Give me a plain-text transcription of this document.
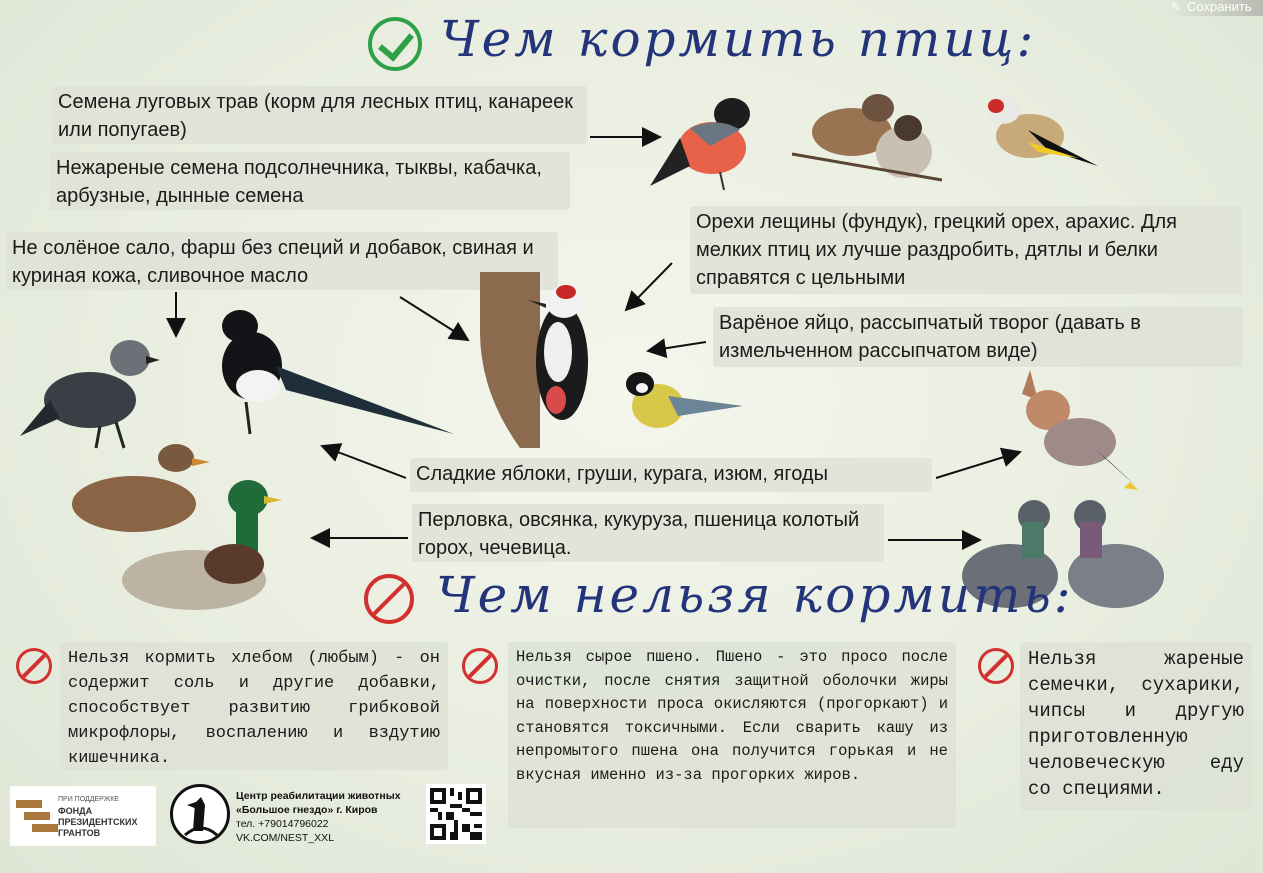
✎ Сохранить
Чем кормить птиц:
Семена луговых трав (корм для лесных птиц, канареек или попугаев)
Нежареные семена подсолнечника, тыквы, кабачка, арбузные, дынные семена
Не солёное сало, фарш без специй и добавок, свиная и куриная кожа, сливочное масло
Орехи лещины (фундук), грецкий орех, арахис. Для мелких птиц их лучше раздробить, дятлы и белки справятся с цельными
Варёное яйцо, рассыпчатый творог (давать в измельченном рассыпчатом виде)
Сладкие яблоки, груши, курага, изюм, ягоды
Перловка, овсянка, кукуруза, пшеница колотый горох, чечевица.
Чем нельзя кормить:
Нельзя кормить хлебом (любым) - он содержит соль и другие добавки, способствует развитию грибковой микрофлоры, воспалению и вздутию кишечника.
Нельзя сырое пшено. Пшено - это просо после очистки, после снятия защитной оболочки жиры на поверхности проса окисляются (прогоркают) и становятся токсичными. Если сварить кашу из непромытого пшена она получится горькая и не вкусная именно из-за прогорких жиров.
Нельзя жареные семечки, сухарики, чипсы и другую приготовленную человеческую еду со специями.
ПРИ ПОДДЕРЖКЕ
ФОНДА
ПРЕЗИДЕНТСКИХ
ГРАНТОВ
Центр реабилитации животных
«Большое гнездо» г. Киров
тел. +79014796022
VK.COM/NEST_XXL
